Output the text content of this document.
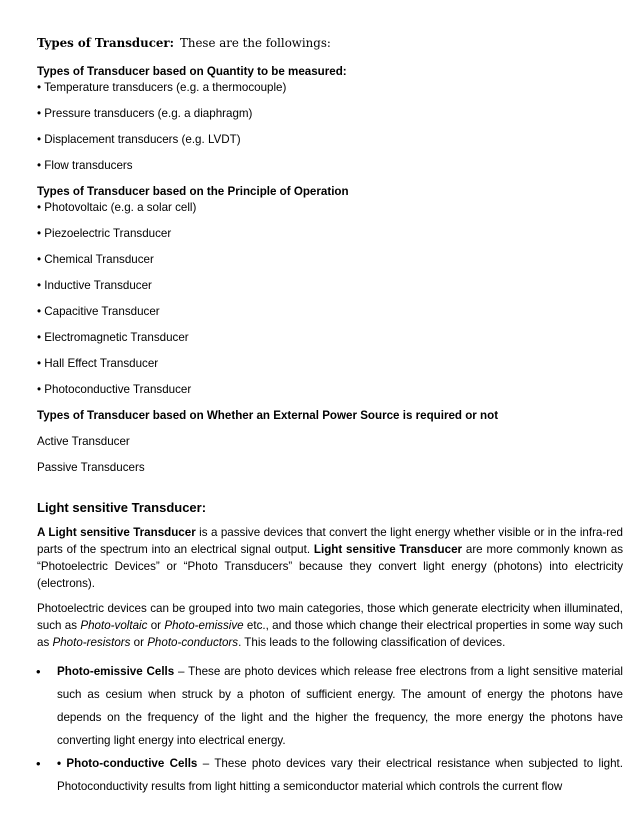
Types of Transducer: These are the followings:

Types of Transducer based on Quantity to be measured:

• Temperature transducers (e.g. a thermocouple)

• Pressure transducers (e.g. a diaphragm)

• Displacement transducers (e.g. LVDT)

• Flow transducers

Types of Transducer based on the Principle of Operation

• Photovoltaic (e.g. a solar cell)

• Piezoelectric Transducer

• Chemical Transducer

• Inductive Transducer

• Capacitive Transducer

• Electromagnetic Transducer

• Hall Effect Transducer

• Photoconductive Transducer

Types of Transducer based on Whether an External Power Source is required or not

Active Transducer

Passive Transducers

Light sensitive Transducer:

A Light sensitive Transducer is a passive devices that convert the light energy whether visible or in the infra-red parts of the spectrum into an electrical signal output. Light sensitive Transducer are more commonly known as “Photoelectric Devices” or “Photo Transducers” because they convert light energy (photons) into electricity (electrons).

Photoelectric devices can be grouped into two main categories, those which generate electricity when illuminated, such as Photo-voltaic or Photo-emissive etc., and those which change their electrical properties in some way such as Photo-resistors or Photo-conductors. This leads to the following classification of devices.

• Photo-emissive Cells – These are photo devices which release free electrons from a light sensitive material such as cesium when struck by a photon of sufficient energy. The amount of energy the photons have depends on the frequency of the light and the higher the frequency, the more energy the photons have converting light energy into electrical energy.
• • Photo-conductive Cells – These photo devices vary their electrical resistance when subjected to light. Photoconductivity results from light hitting a semiconductor material which controls the current flow
